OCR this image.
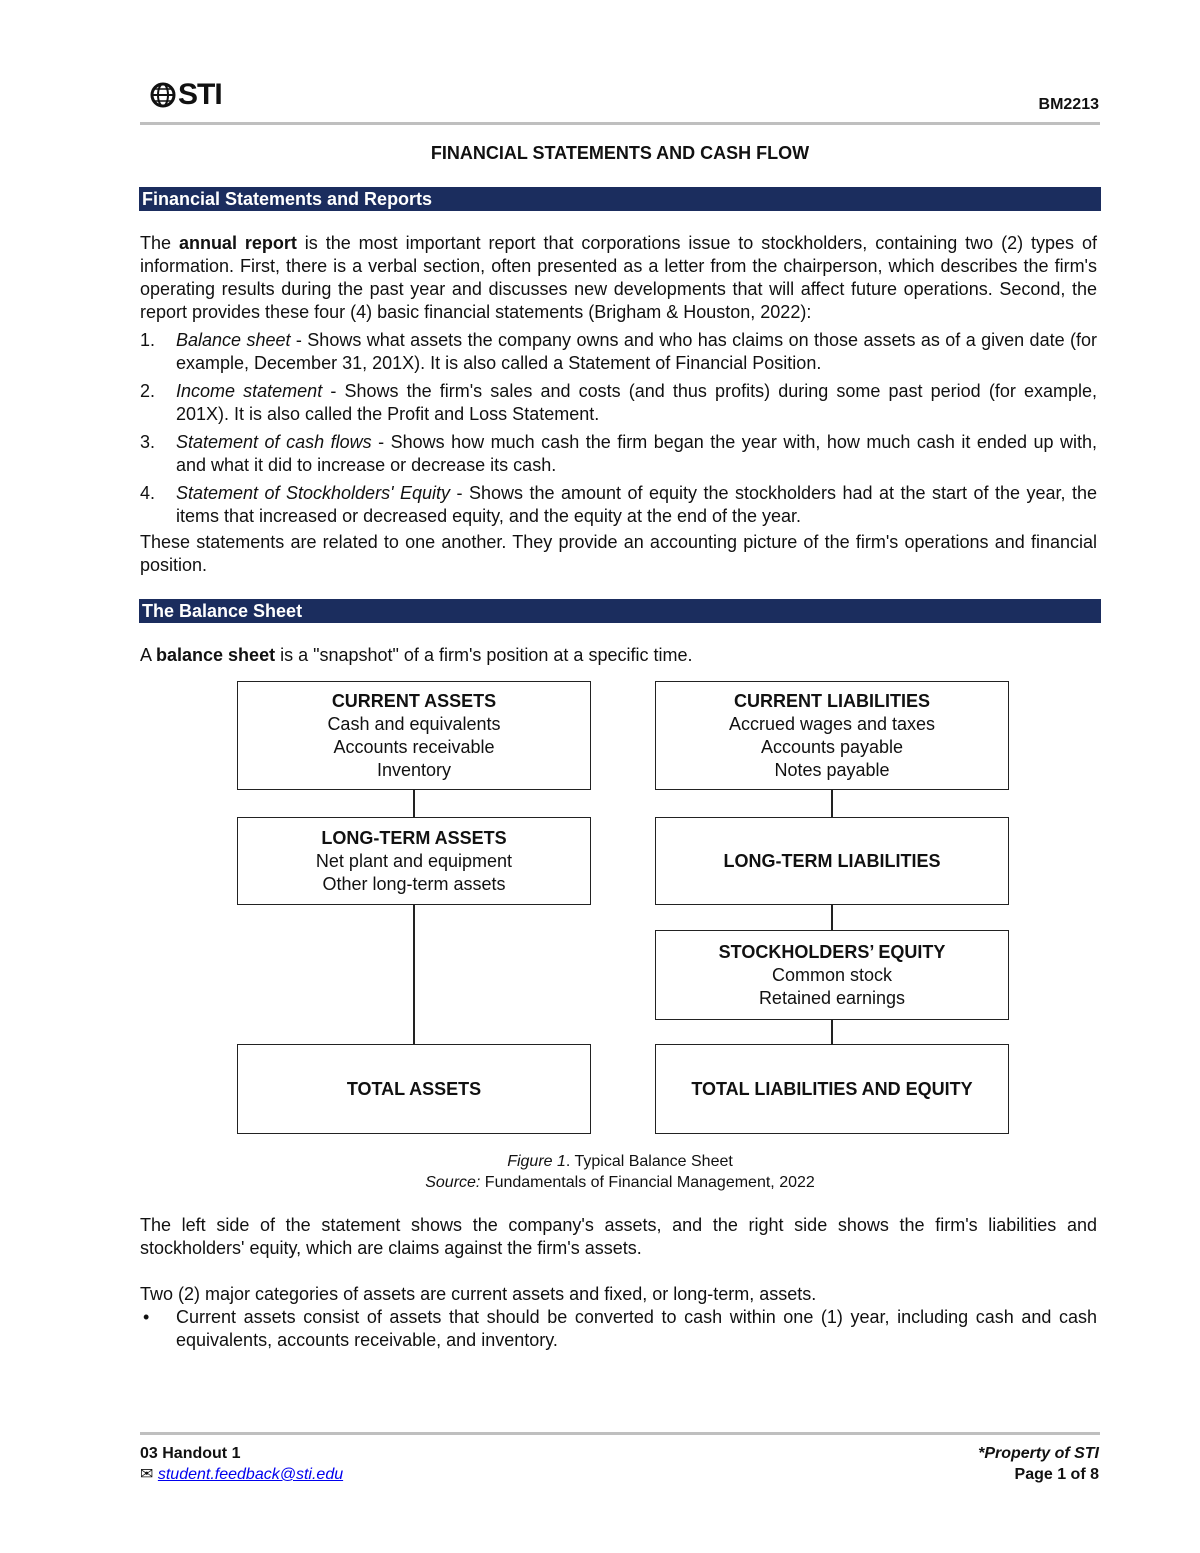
STI	BM2213
FINANCIAL STATEMENTS AND CASH FLOW
Financial Statements and Reports
The annual report is the most important report that corporations issue to stockholders, containing two (2) types of information. First, there is a verbal section, often presented as a letter from the chairperson, which describes the firm's operating results during the past year and discusses new developments that will affect future operations. Second, the report provides these four (4) basic financial statements (Brigham & Houston, 2022):
1. Balance sheet - Shows what assets the company owns and who has claims on those assets as of a given date (for example, December 31, 201X). It is also called a Statement of Financial Position.
2. Income statement - Shows the firm's sales and costs (and thus profits) during some past period (for example, 201X). It is also called the Profit and Loss Statement.
3. Statement of cash flows - Shows how much cash the firm began the year with, how much cash it ended up with, and what it did to increase or decrease its cash.
4. Statement of Stockholders' Equity - Shows the amount of equity the stockholders had at the start of the year, the items that increased or decreased equity, and the equity at the end of the year.
These statements are related to one another. They provide an accounting picture of the firm's operations and financial position.
The Balance Sheet
A balance sheet is a "snapshot" of a firm's position at a specific time.
CURRENT ASSETS
Cash and equivalents
Accounts receivable
Inventory
LONG-TERM ASSETS
Net plant and equipment
Other long-term assets
TOTAL ASSETS
CURRENT LIABILITIES
Accrued wages and taxes
Accounts payable
Notes payable
LONG-TERM LIABILITIES
STOCKHOLDERS’ EQUITY
Common stock
Retained earnings
TOTAL LIABILITIES AND EQUITY
Figure 1. Typical Balance Sheet
Source: Fundamentals of Financial Management, 2022
The left side of the statement shows the company's assets, and the right side shows the firm's liabilities and stockholders' equity, which are claims against the firm's assets.
Two (2) major categories of assets are current assets and fixed, or long-term, assets.
• Current assets consist of assets that should be converted to cash within one (1) year, including cash and cash equivalents, accounts receivable, and inventory.
03 Handout 1
✉ student.feedback@sti.edu
*Property of STI
Page 1 of 8
